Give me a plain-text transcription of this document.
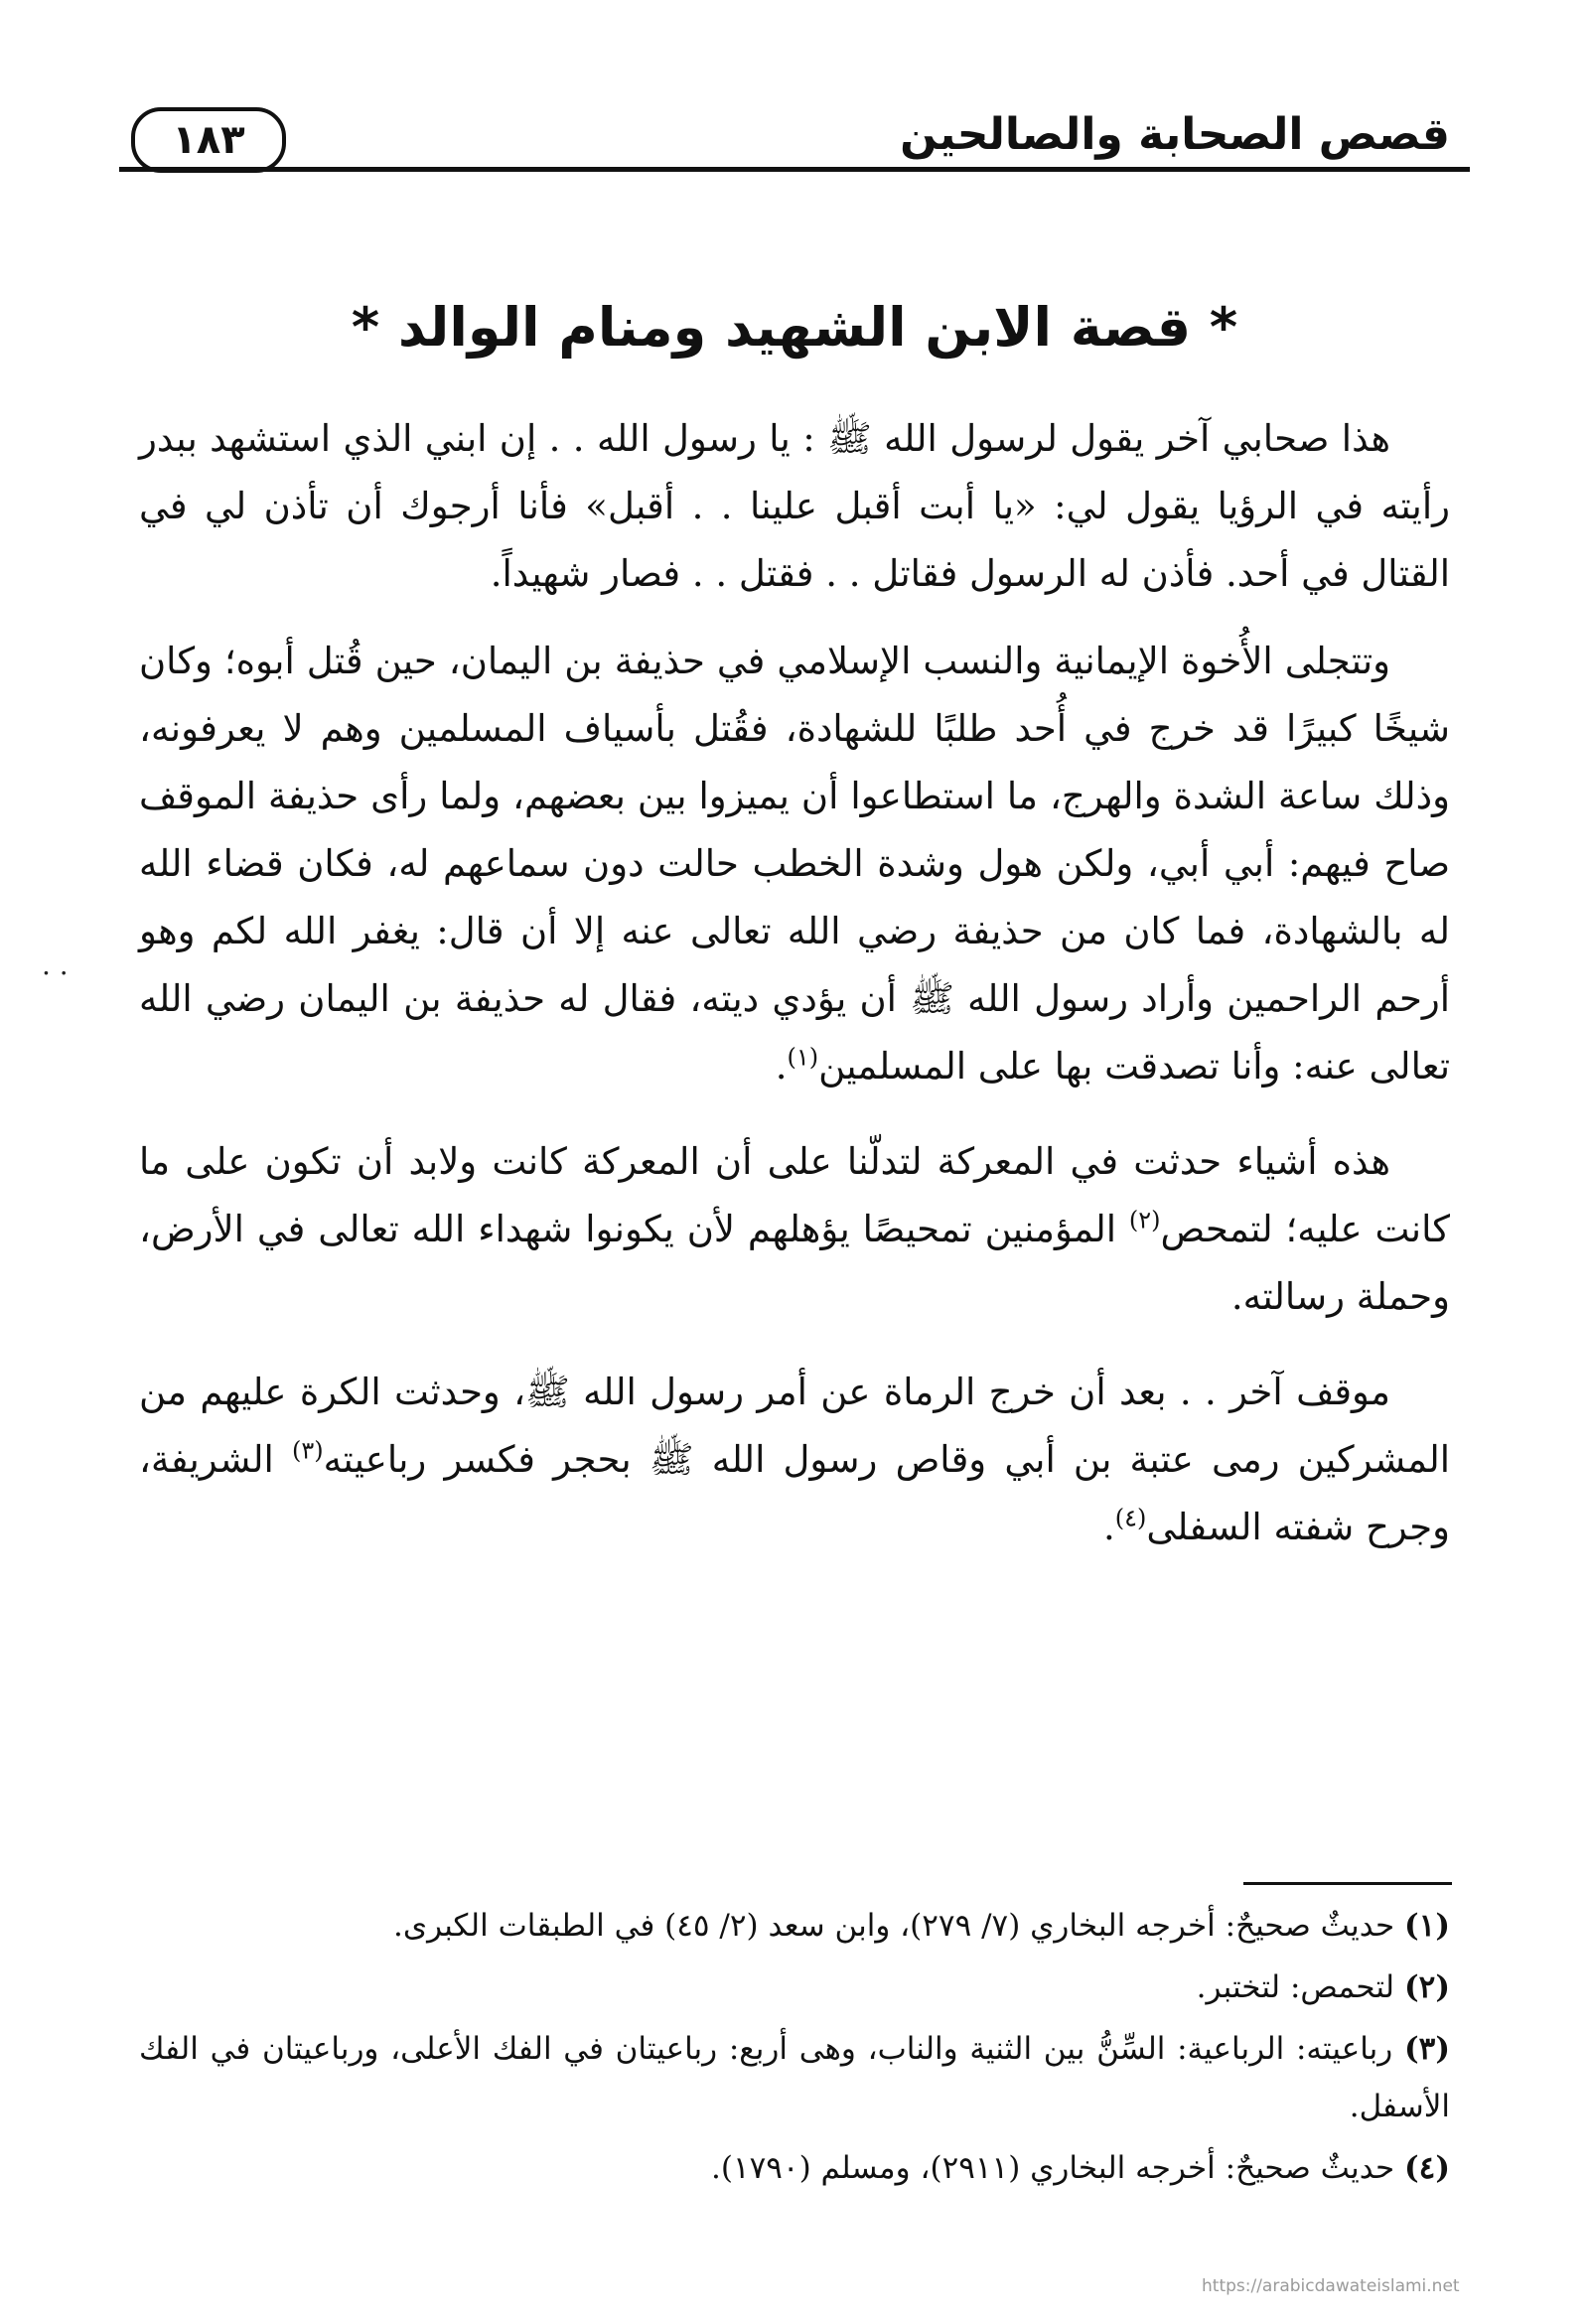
قصص الصحابة والصالحين
١٨٣
* قصة الابن الشهيد ومنام الوالد *

هذا صحابي آخر يقول لرسول الله ﷺ : يا رسول الله . . إن ابني الذي استشهد ببدر رأيته في الرؤيا يقول لي: «يا أبت أقبل علينا . . أقبل» فأنا أرجوك أن تأذن لي في القتال في أحد. فأذن له الرسول فقاتل . . فقتل . . فصار شهيداً.

وتتجلى الأُخوة الإيمانية والنسب الإسلامي في حذيفة بن اليمان، حين قُتل أبوه؛ وكان شيخًا كبيرًا قد خرج في أُحد طلبًا للشهادة، فقُتل بأسياف المسلمين وهم لا يعرفونه، وذلك ساعة الشدة والهرج، ما استطاعوا أن يميزوا بين بعضهم، ولما رأى حذيفة الموقف صاح فيهم: أبي أبي، ولكن هول وشدة الخطب حالت دون سماعهم له، فكان قضاء الله له بالشهادة، فما كان من حذيفة رضي الله تعالى عنه إلا أن قال: يغفر الله لكم وهو أرحم الراحمين وأراد رسول الله ﷺ أن يؤدي ديته، فقال له حذيفة بن اليمان رضي الله تعالى عنه: وأنا تصدقت بها على المسلمين$^{(١)}$.

هذه أشياء حدثت في المعركة لتدلّنا على أن المعركة كانت ولابد أن تكون على ما كانت عليه؛ لتمحص$^{(٢)}$ المؤمنين تمحيصًا يؤهلهم لأن يكونوا شهداء الله تعالى في الأرض، وحملة رسالته.

موقف آخر . . بعد أن خرج الرماة عن أمر رسول الله ﷺ، وحدثت الكرة عليهم من المشركين رمى عتبة بن أبي وقاص رسول الله ﷺ بحجر فكسر رباعيته$^{(٣)}$ الشريفة، وجرح شفته السفلى$^{(٤)}$.

(١) حديثٌ صحيحٌ: أخرجه البخاري (٧/ ٢٧٩)، وابن سعد (٢/ ٤٥) في الطبقات الكبرى.
(٢) لتحمص: لتختبر.
(٣) رباعيته: الرباعية: السِّنُّ بين الثنية والناب، وهى أربع: رباعيتان في الفك الأعلى، ورباعيتان في الفك الأسفل.
(٤) حديثٌ صحيحٌ: أخرجه البخاري (٢٩١١)، ومسلم (١٧٩٠).
. .
https://arabicdawateislami.net
